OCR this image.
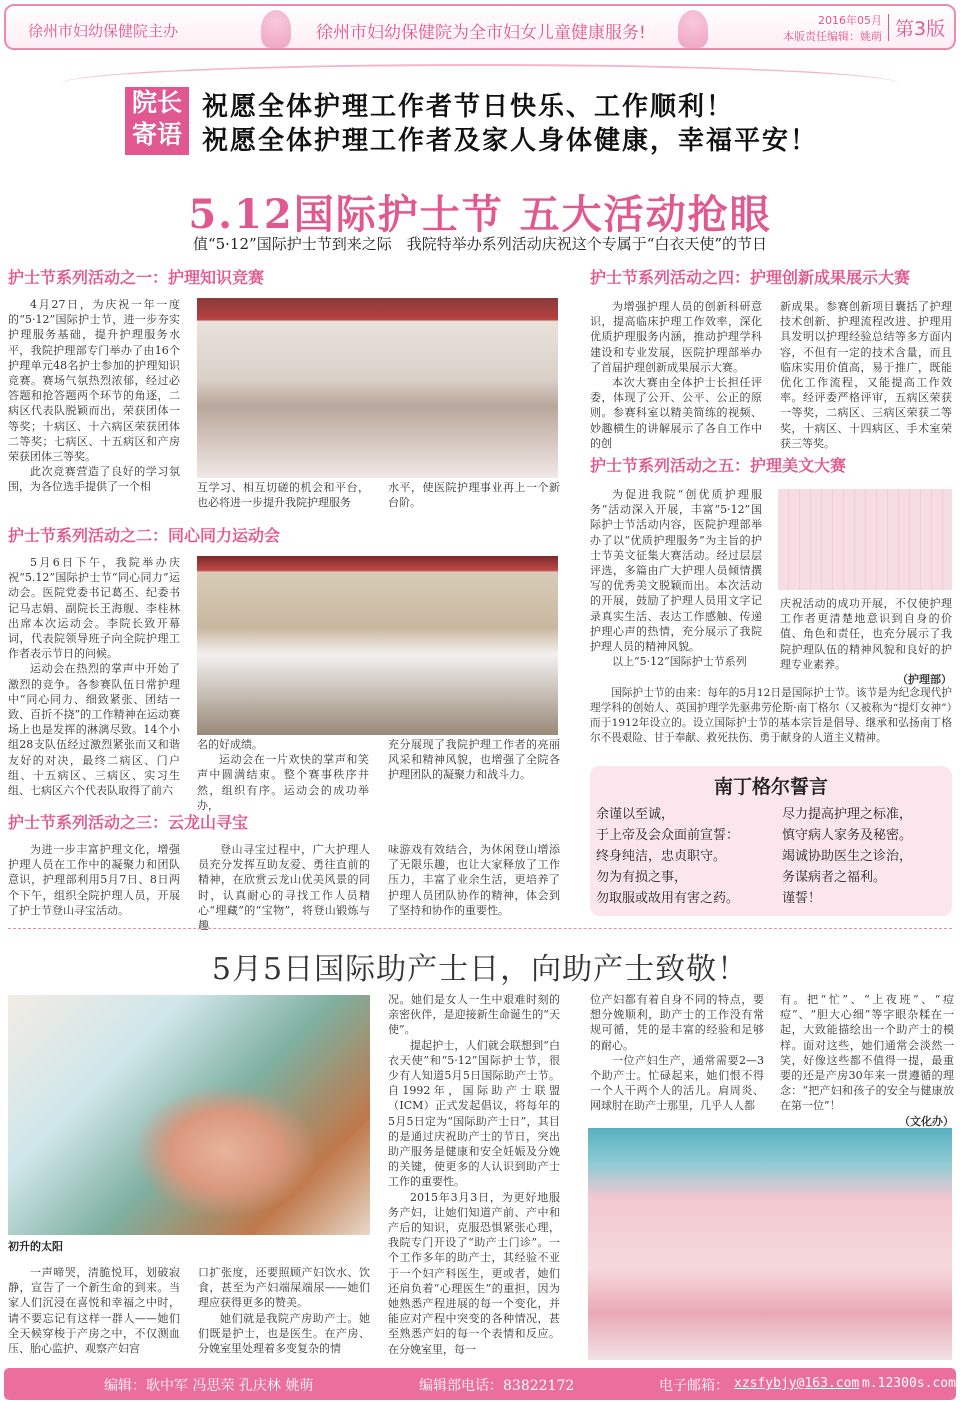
徐州市妇幼保健院主办	徐州市妇幼保健院为全市妇女儿童健康服务!
2016年05月
本版责任编辑：姚萌 第3版
院长
寄语
祝愿全体护理工作者节日快乐、工作顺利！
祝愿全体护理工作者及家人身体健康，幸福平安！
5.12国际护士节 五大活动抢眼
值“5·12”国际护士节到来之际　我院特举办系列活动庆祝这个专属于“白衣天使”的节日
护士节系列活动之一：护理知识竞赛

4月27日，为庆祝一年一度的“5·12”国际护士节，进一步夯实护理服务基础，提升护理服务水平，我院护理部专门举办了由16个护理单元48名护士参加的护理知识竞赛。赛场气氛热烈浓郁，经过必答题和抢答题两个环节的角逐，二病区代表队脱颖而出，荣获团体一等奖；十病区、十六病区荣获团体二等奖；七病区、十五病区和产房荣获团体三等奖。

此次竞赛营造了良好的学习氛围，为各位选手提供了一个相	互学习、相互切磋的机会和平台，也必将进一步提升我院护理服务

水平，使医院护理事业再上一个新台阶。

护士节系列活动之二：同心同力运动会

5月6日下午，我院举办庆祝“5.12”国际护士节“同心同力”运动会。医院党委书记葛丕、纪委书记马志娟、副院长王海舰、李桂林出席本次运动会。李院长致开幕词，代表院领导班子向全院护理工作者表示节日的问候。

运动会在热烈的掌声中开始了激烈的竞争。各参赛队伍日常护理中“同心同力、细致紧张、团结一致、百折不挠”的工作精神在运动赛场上也是发挥的淋漓尽致。14个小组28支队伍经过激烈紧张而又和谐友好的对决，最终二病区、门户组、十五病区、三病区、实习生组、七病区六个代表队取得了前六

名的好成绩。

运动会在一片欢快的掌声和笑声中圆满结束。整个赛事秩序井然，组织有序。运动会的成功举办，

充分展现了我院护理工作者的亮丽风采和精神风貌，也增强了全院各护理团队的凝聚力和战斗力。

护士节系列活动之三：云龙山寻宝

为进一步丰富护理文化，增强护理人员在工作中的凝聚力和团队意识，护理部利用5月7日、8日两个下午，组织全院护理人员，开展了护士节登山寻宝活动。

登山寻宝过程中，广大护理人员充分发挥互助友爱、勇往直前的精神，在欣赏云龙山优美风景的同时，认真耐心的寻找工作人员精心“埋藏”的“宝物”，将登山锻炼与趣

味游戏有效结合，为休闲登山增添了无限乐趣，也让大家释放了工作压力，丰富了业余生活，更培养了护理人员团队协作的精神，体会到了坚持和协作的重要性。

护士节系列活动之四：护理创新成果展示大赛

为增强护理人员的创新科研意识，提高临床护理工作效率，深化优质护理服务内涵，推动护理学科建设和专业发展，医院护理部举办了首届护理创新成果展示大赛。

本次大赛由全体护士长担任评委，体现了公开、公平、公正的原则。参赛科室以精美简练的视频、妙趣横生的讲解展示了各自工作中的创

新成果。参赛创新项目囊括了护理技术创新、护理流程改进、护理用具发明以护理经验总结等多方面内容，不但有一定的技术含量，而且临床实用价值高，易于推广，既能优化工作流程，又能提高工作效率。经评委严格评审，五病区荣获一等奖，二病区、三病区荣获二等奖，十病区、十四病区、手术室荣获三等奖。

护士节系列活动之五：护理美文大赛

为促进我院“创优质护理服务”活动深入开展，丰富“5·12”国际护士节活动内容，医院护理部举办了以“优质护理服务”为主旨的护士节美文征集大赛活动。经过层层评选，多篇由广大护理人员倾情撰写的优秀美文脱颖而出。本次活动的开展，鼓励了护理人员用文字记录真实生活、表达工作感触、传递护理心声的热情，充分展示了我院护理人员的精神风貌。

以上“5·12”国际护士节系列

庆祝活动的成功开展，不仅使护理工作者更清楚地意识到自身的价值、角色和责任，也充分展示了我院护理队伍的精神风貌和良好的护理专业素养。

（护理部）
国际护士节的由来：每年的5月12日是国际护士节。该节是为纪念现代护理学科的创始人、英国护理学先驱弗劳伦斯·南丁格尔（又被称为“提灯女神”）而于1912年设立的。设立国际护士节的基本宗旨是倡导、继承和弘扬南丁格尔不畏艰险、甘于奉献、救死扶伤、勇于献身的人道主义精神。
南丁格尔誓言
余谨以至诚，
于上帝及会众面前宣誓：
终身纯洁，忠贞职守。
勿为有损之事，
勿取服或故用有害之药。
尽力提高护理之标准，
慎守病人家务及秘密。
竭诚协助医生之诊治，
务谋病者之福利。
谨誓！
5月5日国际助产士日，向助产士致敬！
初升的太阳

一声啼哭，清脆悦耳，划破寂静，宣告了一个新生命的到来。当家人们沉浸在喜悦和幸福之中时，请不要忘记有这样一群人——她们全天候穿梭于产房之中，不仅测血压、胎心监护、观察产妇宫

口扩张度，还要照顾产妇饮水、饮食，甚至为产妇端屎端尿——她们理应获得更多的赞美。

她们就是我院产房助产士。她们既是护士，也是医生。在产房、分娩室里处理着多变复杂的情

况。她们是女人一生中艰难时刻的亲密伙伴，是迎接新生命诞生的“天使”。

提起护士，人们就会联想到“白衣天使”和“5·12”国际护士节，很少有人知道5月5日国际助产士节。自1992年，国际助产士联盟（ICM）正式发起倡议，将每年的5月5日定为“国际助产士日”，其目的是通过庆祝助产士的节日，突出助产服务是健康和安全妊娠及分娩的关键，使更多的人认识到助产士工作的重要性。

2015年3月3日，为更好地服务产妇，让她们知道产前、产中和产后的知识，克服恐惧紧张心理，我院专门开设了“助产士门诊”。一个工作多年的助产士，其经验不亚于一个妇产科医生，更或者，她们还肩负着“心理医生”的重担，因为她熟悉产程进展的每一个变化，并能应对产程中突变的各种情况，甚至熟悉产妇的每一个表情和反应。在分娩室里，每一

位产妇都有着自身不同的特点，要想分娩顺利，助产士的工作没有常规可循，凭的是丰富的经验和足够的耐心。

一位产妇生产，通常需要2—3个助产士。忙碌起来，她们恨不得一个人干两个人的活儿。肩周炎、网球肘在助产士那里，几乎人人都

有。把“忙”、“上夜班”、“痘痘”、“胆大心细”等字眼杂糅在一起，大致能描绘出一个助产士的模样。面对这些，她们通常会淡然一笑，好像这些都不值得一提，最重要的还是产房30年来一贯遵循的理念：“把产妇和孩子的安全与健康放在第一位”！

（文化办）
编辑：耿中军 冯思荣 孔庆林 姚萌	编辑部电话：83822172	电子邮箱： xzsfybjy@163.com m.12300s.com
